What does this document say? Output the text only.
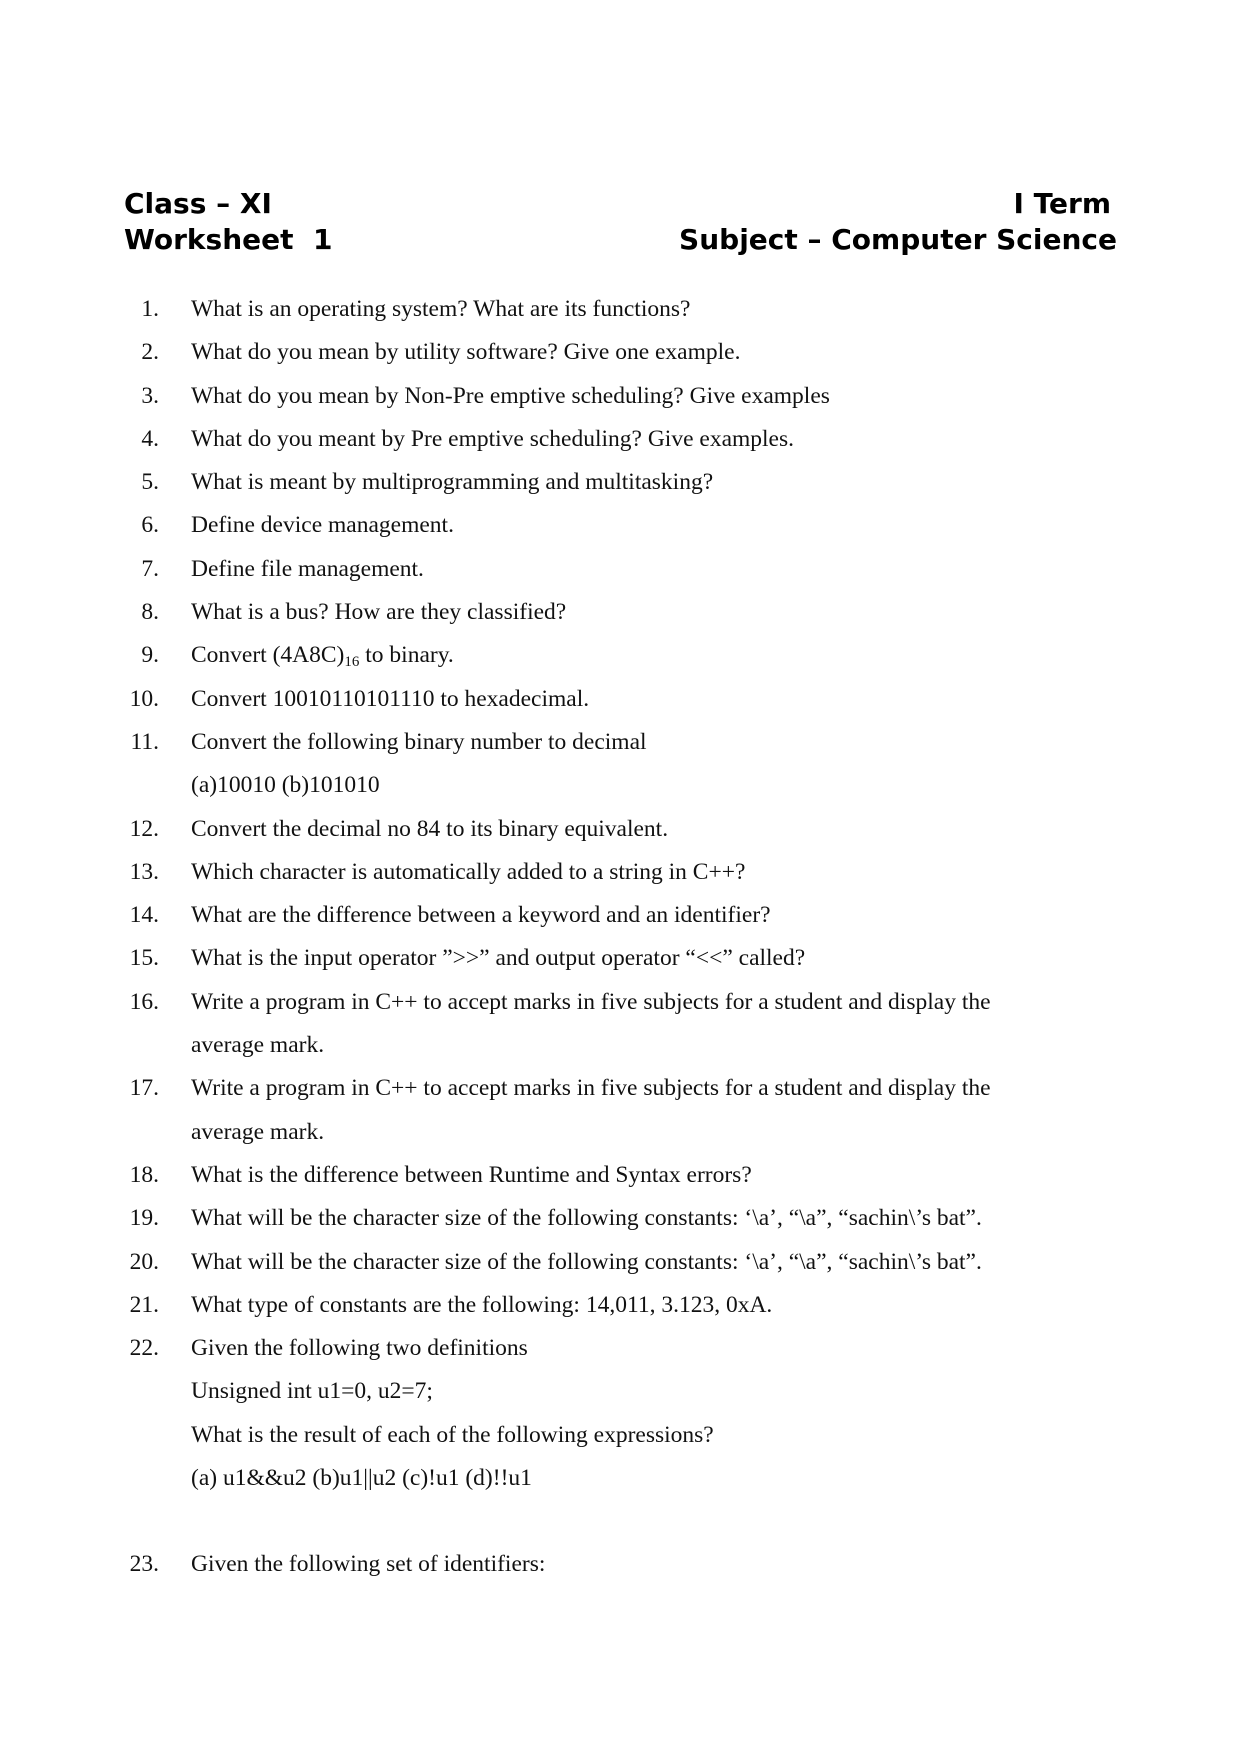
Class – XI	I Term
Worksheet  1	Subject – Computer Science
1. What is an operating system? What are its functions?
2. What do you mean by utility software? Give one example.
3. What do you mean by Non-Pre emptive scheduling? Give examples
4. What do you meant by Pre emptive scheduling? Give examples.
5. What is meant by multiprogramming and multitasking?
6. Define device management.
7. Define file management.
8. What is a bus? How are they classified?
9. Convert $(4A8C)_{16}$ to binary.
10. Convert 10010110101110 to hexadecimal.
11. Convert the following binary number to decimal
(a)10010 (b)101010
12. Convert the decimal no 84 to its binary equivalent.
13. Which character is automatically added to a string in C++?
14. What are the difference between a keyword and an identifier?
15. What is the input operator ”>>” and output operator “<<” called?
16. Write a program in C++ to accept marks in five subjects for a student and display the
average mark.
17. Write a program in C++ to accept marks in five subjects for a student and display the
average mark.
18. What is the difference between Runtime and Syntax errors?
19. What will be the character size of the following constants: ‘\a’, “\a”, “sachin\’s bat”.
20. What will be the character size of the following constants: ‘\a’, “\a”, “sachin\’s bat”.
21. What type of constants are the following: 14,011, 3.123, 0xA.
22. Given the following two definitions
Unsigned int u1=0, u2=7;
What is the result of each of the following expressions?
(a) u1&&u2 (b)u1||u2 (c)!u1 (d)!!u1
23. Given the following set of identifiers:
